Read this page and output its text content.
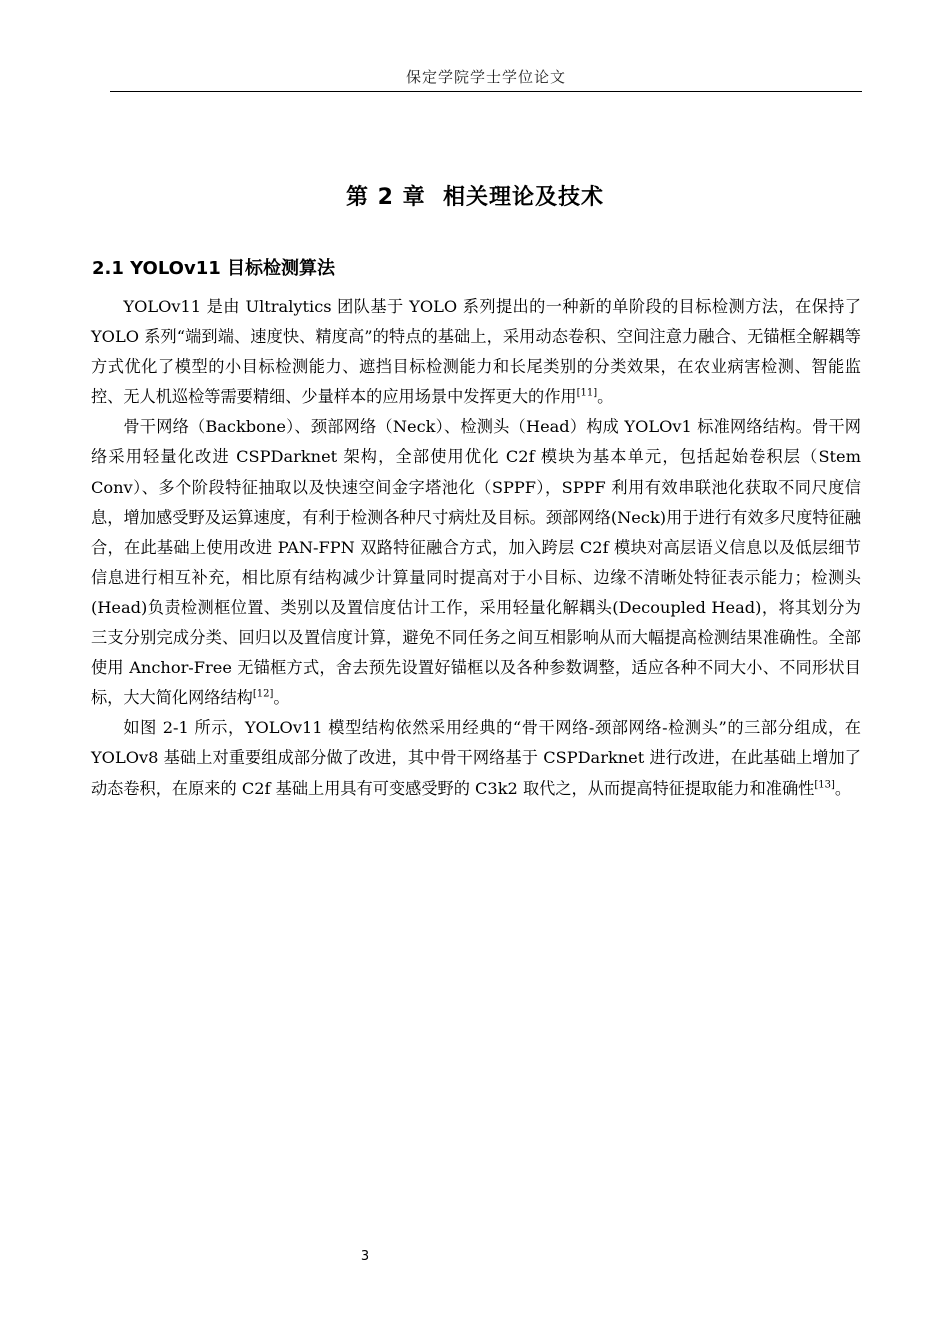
保定学院学士学位论文
第 2 章  相关理论及技术
2.1 YOLOv11 目标检测算法

YOLOv11 是由 Ultralytics 团队基于 YOLO 系列提出的一种新的单阶段的目标检测方法，在保持了 YOLO 系列“端到端、速度快、精度高”的特点的基础上，采用动态卷积、空间注意力融合、无锚框全解耦等方式优化了模型的小目标检测能力、遮挡目标检测能力和长尾类别的分类效果，在农业病害检测、智能监控、无人机巡检等需要精细、少量样本的应用场景中发挥更大的作用[11]。

骨干网络（Backbone）、颈部网络（Neck）、检测头（Head）构成 YOLOv1 标准网络结构。骨干网络采用轻量化改进 CSPDarknet 架构，全部使用优化 C2f 模块为基本单元，包括起始卷积层（Stem Conv）、多个阶段特征抽取以及快速空间金字塔池化（SPPF），SPPF 利用有效串联池化获取不同尺度信息，增加感受野及运算速度，有利于检测各种尺寸病灶及目标。颈部网络(Neck)用于进行有效多尺度特征融合，在此基础上使用改进 PAN-FPN 双路特征融合方式，加入跨层 C2f 模块对高层语义信息以及低层细节信息进行相互补充，相比原有结构减少计算量同时提高对于小目标、边缘不清晰处特征表示能力；检测头(Head)负责检测框位置、类别以及置信度估计工作，采用轻量化解耦头(Decoupled Head)，将其划分为三支分别完成分类、回归以及置信度计算，避免不同任务之间互相影响从而大幅提高检测结果准确性。全部使用 Anchor-Free 无锚框方式，舍去预先设置好锚框以及各种参数调整，适应各种不同大小、不同形状目标，大大简化网络结构[12]。

如图 2-1 所示，YOLOv11 模型结构依然采用经典的“骨干网络-颈部网络-检测头”的三部分组成，在 YOLOv8 基础上对重要组成部分做了改进，其中骨干网络基于 CSPDarknet 进行改进，在此基础上增加了动态卷积，在原来的 C2f 基础上用具有可变感受野的 C3k2 取代之，从而提高特征提取能力和准确性[13]。

3
